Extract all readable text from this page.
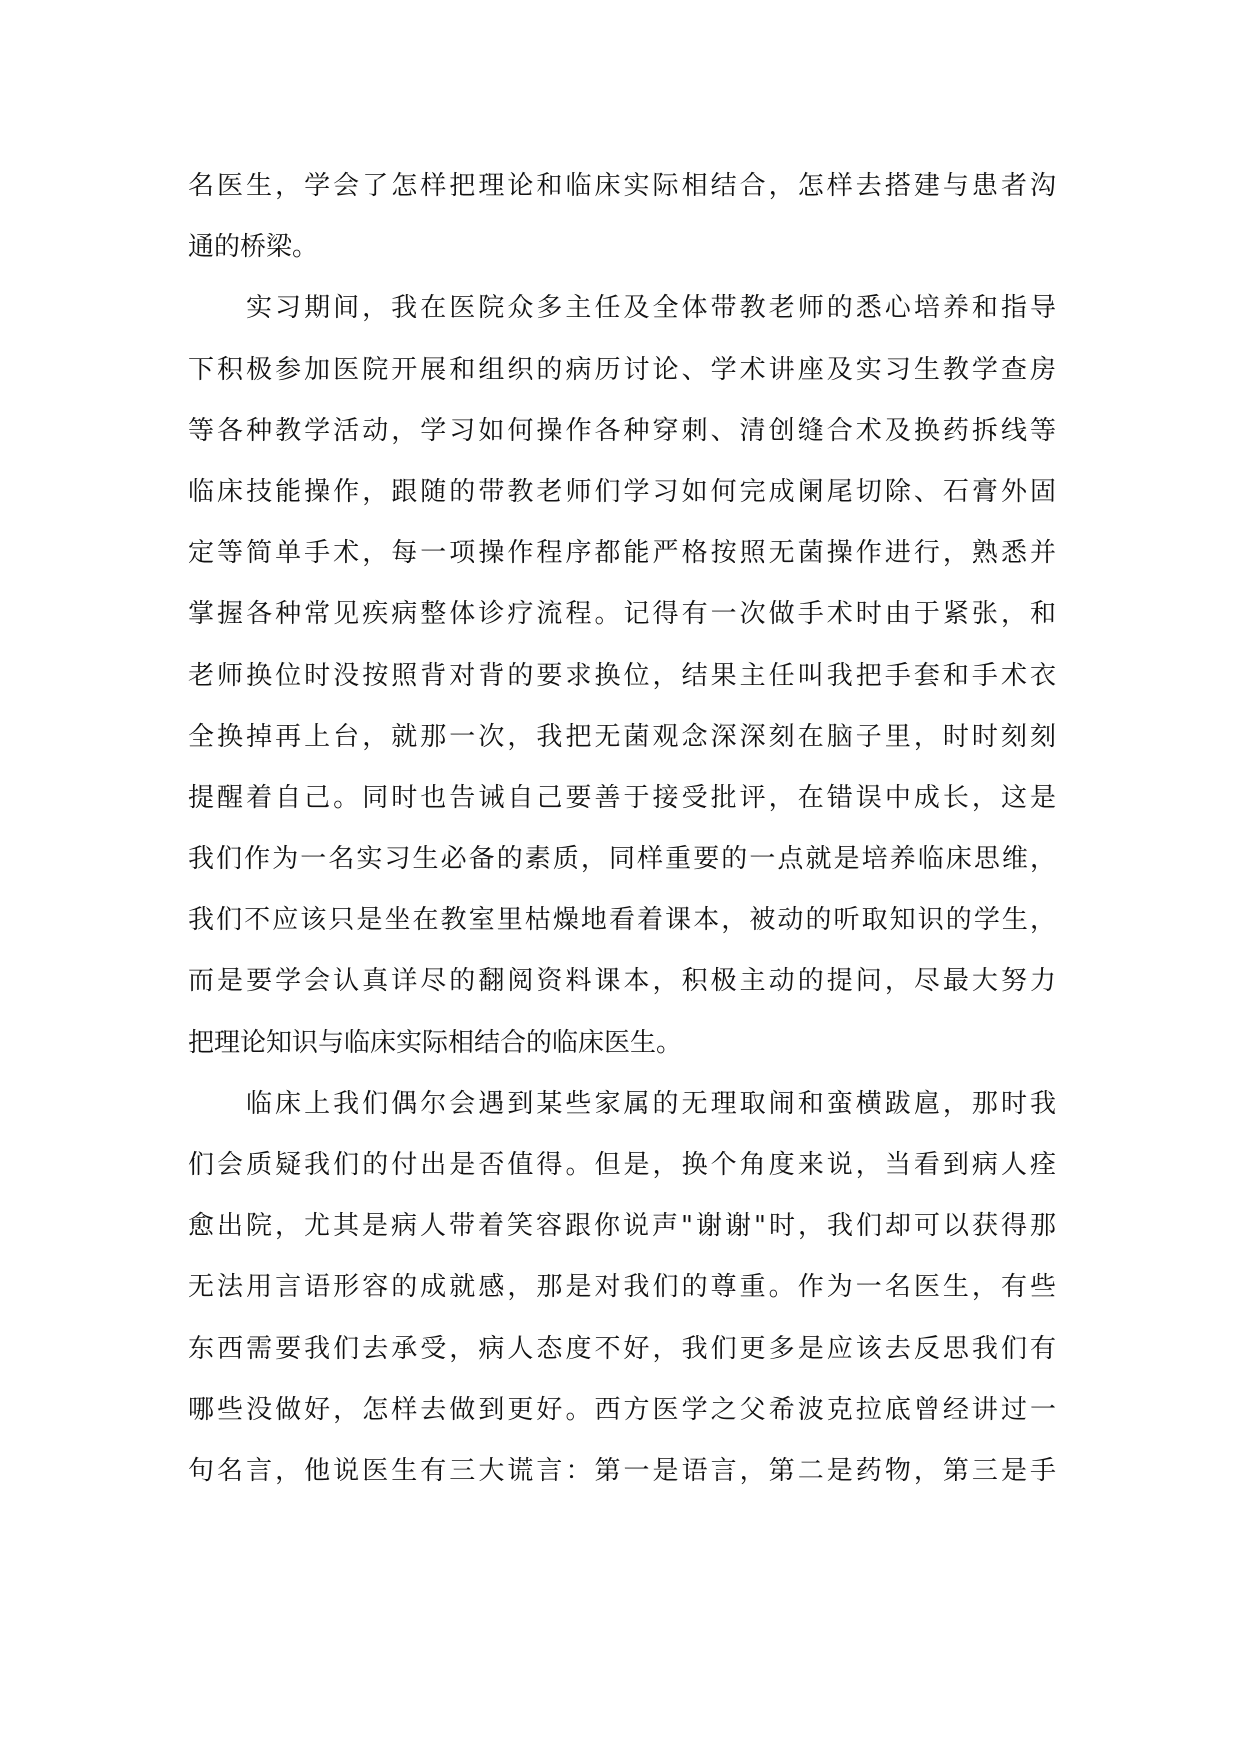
名医生，学会了怎样把理论和临床实际相结合，怎样去搭建与患者沟
通的桥梁。
实习期间，我在医院众多主任及全体带教老师的悉心培养和指导
下积极参加医院开展和组织的病历讨论、学术讲座及实习生教学查房
等各种教学活动，学习如何操作各种穿刺、清创缝合术及换药拆线等
临床技能操作，跟随的带教老师们学习如何完成阑尾切除、石膏外固
定等简单手术，每一项操作程序都能严格按照无菌操作进行，熟悉并
掌握各种常见疾病整体诊疗流程。记得有一次做手术时由于紧张，和
老师换位时没按照背对背的要求换位，结果主任叫我把手套和手术衣
全换掉再上台，就那一次，我把无菌观念深深刻在脑子里，时时刻刻
提醒着自己。同时也告诫自己要善于接受批评，在错误中成长，这是
我们作为一名实习生必备的素质，同样重要的一点就是培养临床思维，
我们不应该只是坐在教室里枯燥地看着课本，被动的听取知识的学生，
而是要学会认真详尽的翻阅资料课本，积极主动的提问，尽最大努力
把理论知识与临床实际相结合的临床医生。
临床上我们偶尔会遇到某些家属的无理取闹和蛮横跋扈，那时我
们会质疑我们的付出是否值得。但是，换个角度来说，当看到病人痊
愈出院，尤其是病人带着笑容跟你说声"谢谢"时，我们却可以获得那
无法用言语形容的成就感，那是对我们的尊重。作为一名医生，有些
东西需要我们去承受，病人态度不好，我们更多是应该去反思我们有
哪些没做好，怎样去做到更好。西方医学之父希波克拉底曾经讲过一
句名言，他说医生有三大谎言：第一是语言，第二是药物，第三是手
